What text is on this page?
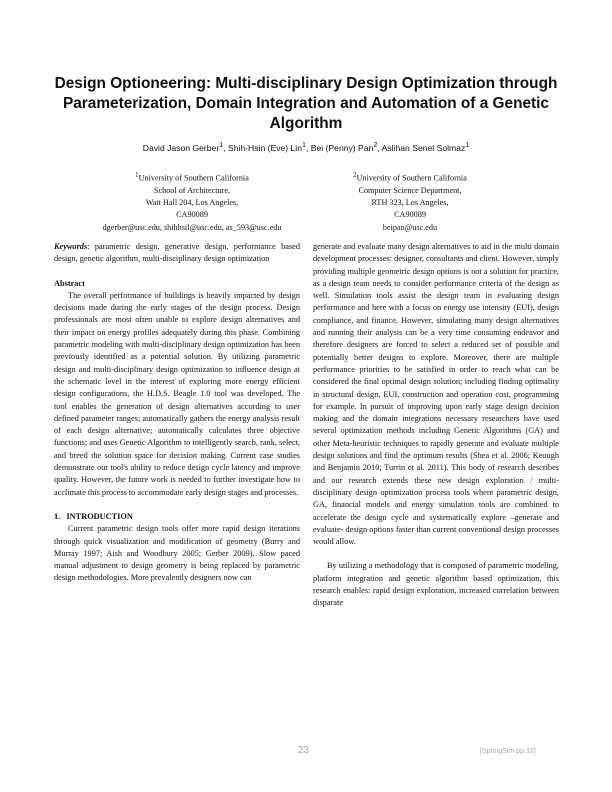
Design Optioneering: Multi-disciplinary Design Optimization through Parameterization, Domain Integration and Automation of a Genetic Algorithm
David Jason Gerber$^1$, Shih-Hsin (Eve) Lin$^1$, Bei (Penny) Pan$^2$, Aslihan Senel Solmaz$^1$
$^1$University of Southern California
School of Architecture,
Watt Hall 204, Los Angeles,
CA90089
dgerber@usc.edu, shihhsil@usc.edu, as_593@usc.edu
$^2$University of Southern California
Computer Science Department,
RTH 323, Los Angeles,
CA90089
beipan@usc.edu

Keywords: parametric design, generative design, performance based design, genetic algorithm, multi-disciplinary design optimization

Abstract

The overall performance of buildings is heavily impacted by design decisions made during the early stages of the design process. Design professionals are most often unable to explore design alternatives and their impact on energy profiles adequately during this phase. Combining parametric modeling with multi-disciplinary design optimization has been previously identified as a potential solution. By utilizing parametric design and multi-disciplinary design optimization to influence design at the schematic level in the interest of exploring more energy efficient design configurations, the H.D.S. Beagle 1.0 tool was developed. The tool enables the generation of design alternatives according to user defined parameter ranges; automatically gathers the energy analysis result of each design alternative; automatically calculates three objective functions; and uses Genetic Algorithm to intelligently search, rank, select, and breed the solution space for decision making. Current case studies demonstrate our tool's ability to reduce design cycle latency and improve quality. However, the future work is needed to further investigate how to acclimate this process to accommodate early design stages and processes.

1.   INTRODUCTION

Current parametric design tools offer more rapid design iterations through quick visualization and modification of geometry (Burry and Murray 1997; Aish and Woodbury 2005; Gerber 2009). Slow paced manual adjustment to design geometry is being replaced by parametric design methodologies. More prevalently designers now can

generate and evaluate many design alternatives to aid in the multi domain development processes: designer, consultants and client. However, simply providing multiple geometric design options is not a solution for practice, as a design team needs to consider performance criteria of the design as well. Simulation tools assist the design team in evaluating design performance and here with a focus on energy use intensity (EUI), design compliance, and finance. However, simulating many design alternatives and running their analysis can be a very time consuming endeavor and therefore designers are forced to select a reduced set of possible and potentially better designs to explore. Moreover, there are multiple performance priorities to be satisfied in order to reach what can be considered the final optimal design solution; including finding optimality in structural design, EUI, construction and operation cost, programming for example. In pursuit of improving upon early stage design decision making and the domain integrations necessary researchers have used several optimization methods including Genetic Algorithms (GA) and other Meta-heuristic techniques to rapidly generate and evaluate multiple design solutions and find the optimum results (Shea et al. 2006; Keough and Benjamin 2010; Turrin et al. 2011). This body of research describes and our research extends these new design exploration / multi-disciplinary design optimization process tools where parametric design, GA, financial models and energy simulation tools are combined to accelerate the design cycle and systematically explore –generate and evaluate- design options faster than current conventional design processes would allow.

By utilizing a methodology that is composed of parametric modeling, platform integration and genetic algorithm based optimization, this research enables: rapid design exploration, increased correlation between disparate

23	[SpringSim pp.32]
